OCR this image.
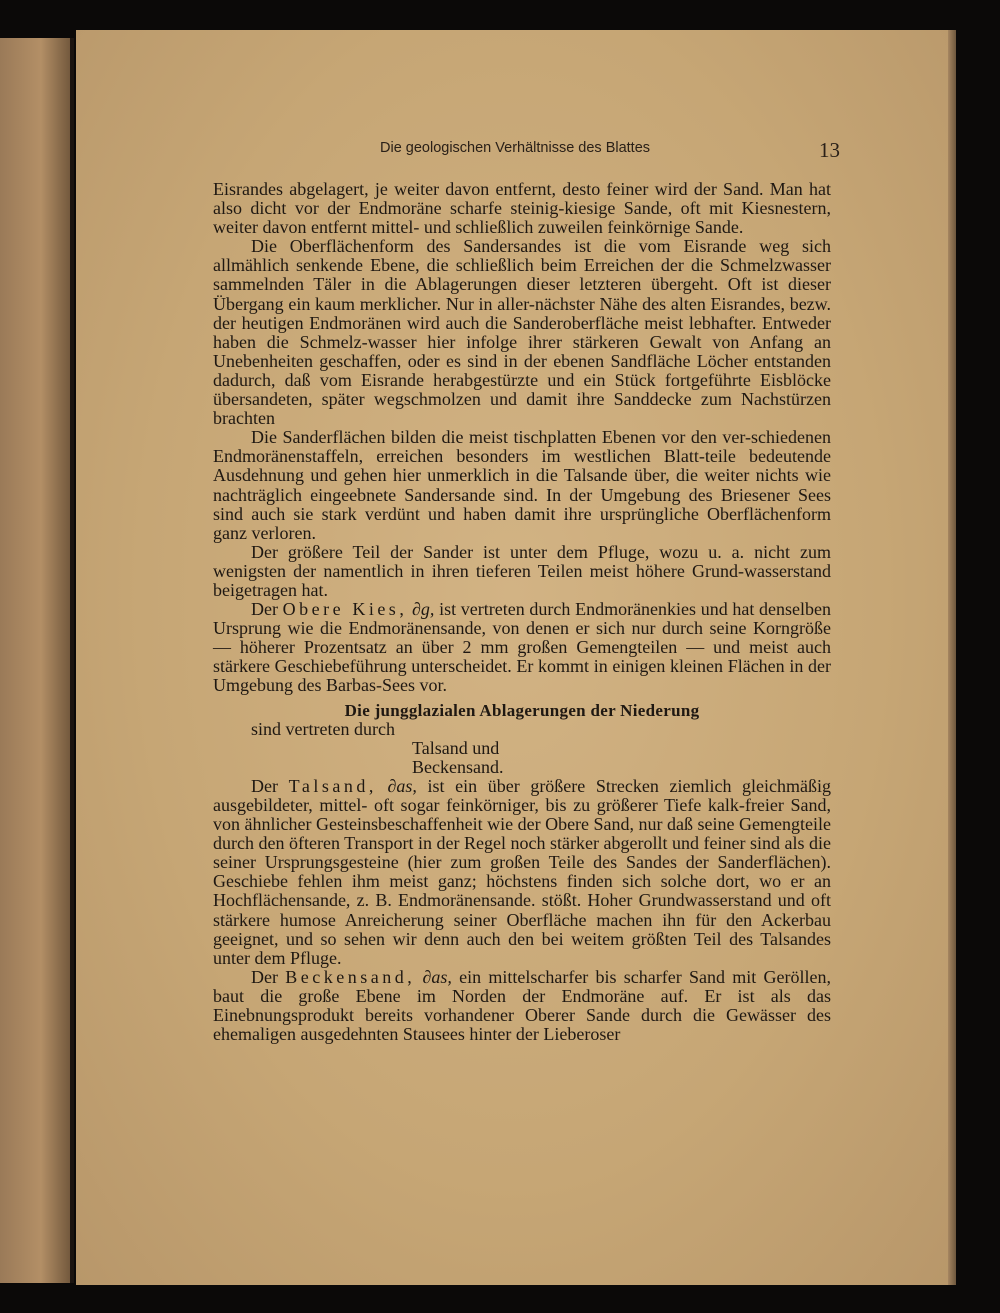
Die geologischen Verhältnisse des Blattes	13

Eisrandes abgelagert, je weiter davon entfernt, desto feiner wird der Sand. Man hat also dicht vor der Endmoräne scharfe steinig-kiesige Sande, oft mit Kiesnestern, weiter davon entfernt mittel- und schließlich zuweilen feinkörnige Sande.

Die Oberflächenform des Sandersandes ist die vom Eisrande weg sich allmählich senkende Ebene, die schließlich beim Erreichen der die Schmelzwasser sammelnden Täler in die Ablagerungen dieser letzteren übergeht. Oft ist dieser Übergang ein kaum merklicher. Nur in aller-nächster Nähe des alten Eisrandes, bezw. der heutigen Endmoränen wird auch die Sanderoberfläche meist lebhafter. Entweder haben die Schmelz-wasser hier infolge ihrer stärkeren Gewalt von Anfang an Unebenheiten geschaffen, oder es sind in der ebenen Sandfläche Löcher entstanden dadurch, daß vom Eisrande herabgestürzte und ein Stück fortgeführte Eisblöcke übersandeten, später wegschmolzen und damit ihre Sanddecke zum Nachstürzen brachten

Die Sanderflächen bilden die meist tischplatten Ebenen vor den ver-schiedenen Endmoränenstaffeln, erreichen besonders im westlichen Blatt-teile bedeutende Ausdehnung und gehen hier unmerklich in die Talsande über, die weiter nichts wie nachträglich eingeebnete Sandersande sind. In der Umgebung des Briesener Sees sind auch sie stark verdünt und haben damit ihre ursprüngliche Oberflächenform ganz verloren.

Der größere Teil der Sander ist unter dem Pfluge, wozu u. a. nicht zum wenigsten der namentlich in ihren tieferen Teilen meist höhere Grund-wasserstand beigetragen hat.

Der Obere Kies, ∂g, ist vertreten durch Endmoränenkies und hat denselben Ursprung wie die Endmoränensande, von denen er sich nur durch seine Korngröße — höherer Prozentsatz an über 2 mm großen Gemengteilen — und meist auch stärkere Geschiebeführung unterscheidet. Er kommt in einigen kleinen Flächen in der Umgebung des Barbas-Sees vor.

Die jungglazialen Ablagerungen der Niederung

sind vertreten durch

Talsand und
Beckensand.

Der Talsand, ∂as, ist ein über größere Strecken ziemlich gleichmäßig ausgebildeter, mittel- oft sogar feinkörniger, bis zu größerer Tiefe kalk-freier Sand, von ähnlicher Gesteinsbeschaffenheit wie der Obere Sand, nur daß seine Gemengteile durch den öfteren Transport in der Regel noch stärker abgerollt und feiner sind als die seiner Ursprungsgesteine (hier zum großen Teile des Sandes der Sanderflächen). Geschiebe fehlen ihm meist ganz; höchstens finden sich solche dort, wo er an Hochflächensande, z. B. Endmoränensande. stößt. Hoher Grundwasserstand und oft stärkere humose Anreicherung seiner Oberfläche machen ihn für den Ackerbau geeignet, und so sehen wir denn auch den bei weitem größten Teil des Talsandes unter dem Pfluge.

Der Beckensand, ∂as, ein mittelscharfer bis scharfer Sand mit Geröllen, baut die große Ebene im Norden der Endmoräne auf. Er ist als das Einebnungsprodukt bereits vorhandener Oberer Sande durch die Gewässer des ehemaligen ausgedehnten Stausees hinter der Lieberoser
